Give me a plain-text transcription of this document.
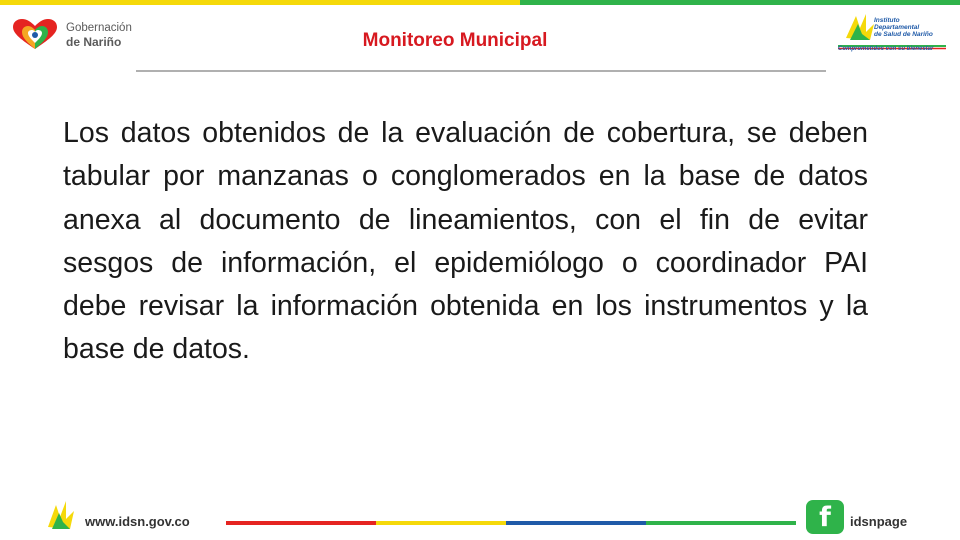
Gobernación
de Nariño	Monitoreo Municipal
Instituto
Departamental
de Salud de Nariño
Comprometidos con su bienestar
Los datos obtenidos de la evaluación de cobertura, se deben tabular por manzanas o conglomerados en la base de datos anexa al documento de lineamientos, con el fin de evitar sesgos de información, el epidemiólogo o coordinador PAI debe revisar la información obtenida en los instrumentos y la base de datos.
www.idsn.gov.co	f	idsnpage
